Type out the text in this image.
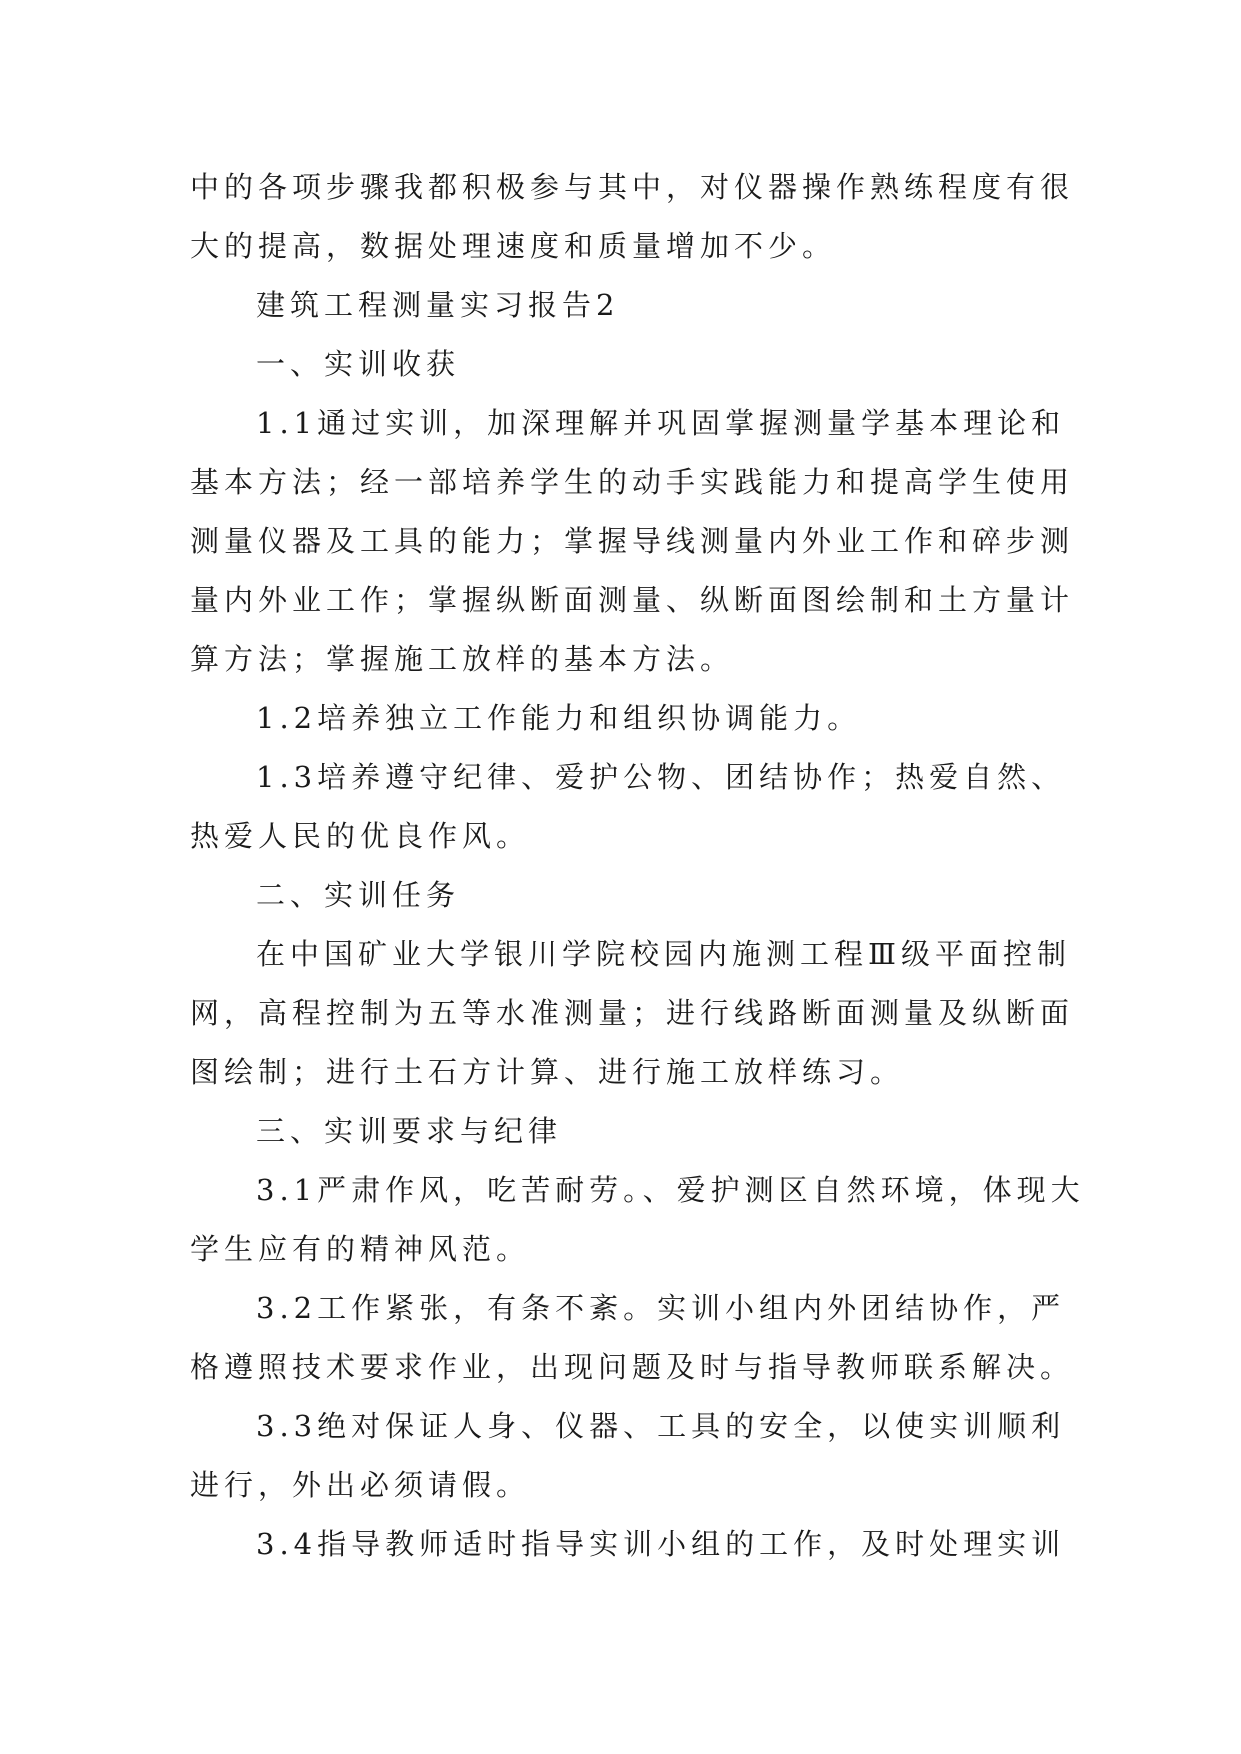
中的各项步骤我都积极参与其中，对仪器操作熟练程度有很
大的提高，数据处理速度和质量增加不少。
建筑工程测量实习报告2
一、实训收获
1.1通过实训，加深理解并巩固掌握测量学基本理论和
基本方法；经一部培养学生的动手实践能力和提高学生使用
测量仪器及工具的能力；掌握导线测量内外业工作和碎步测
量内外业工作；掌握纵断面测量、纵断面图绘制和土方量计
算方法；掌握施工放样的基本方法。
1.2培养独立工作能力和组织协调能力。
1.3培养遵守纪律、爱护公物、团结协作；热爱自然、
热爱人民的优良作风。
二、实训任务
在中国矿业大学银川学院校园内施测工程Ⅲ级平面控制
网，高程控制为五等水准测量；进行线路断面测量及纵断面
图绘制；进行土石方计算、进行施工放样练习。
三、实训要求与纪律
3.1严肃作风，吃苦耐劳。、爱护测区自然环境，体现大
学生应有的精神风范。
3.2工作紧张，有条不紊。实训小组内外团结协作，严
格遵照技术要求作业，出现问题及时与指导教师联系解决。
3.3绝对保证人身、仪器、工具的安全，以使实训顺利
进行，外出必须请假。
3.4指导教师适时指导实训小组的工作，及时处理实训
